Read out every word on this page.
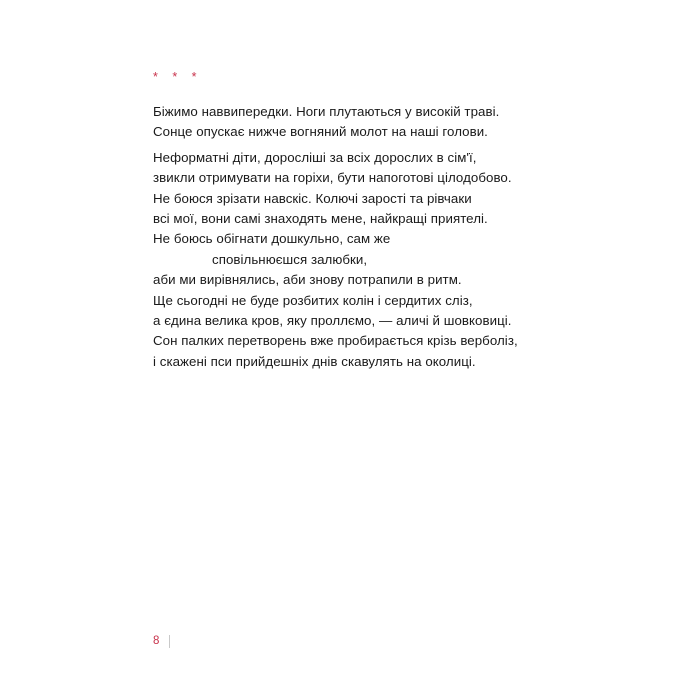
* * *
Біжимо наввипередки. Ноги плутаються у високій траві.
Сонце опускає нижче вогняний молот на наші голови.
Неформатні діти, доросліші за всіх дорослих в сім'ї,
звикли отримувати на горіхи, бути напоготові цілодобово.
Не боюся зрізати навскіс. Колючі зарості та рівчаки
всі мої, вони самі знаходять мене, найкращі приятелі.
Не боюсь обігнати дошкульно, сам же
сповільнюєшся залюбки,
аби ми вирівнялись, аби знову потрапили в ритм.
Ще сьогодні не буде розбитих колін і сердитих сліз,
а єдина велика кров, яку проллємо, — аличі й шовковиці.
Сон палких перетворень вже пробирається крізь верболіз,
і скажені пси прийдешніх днів скавулять на околиці.
8
